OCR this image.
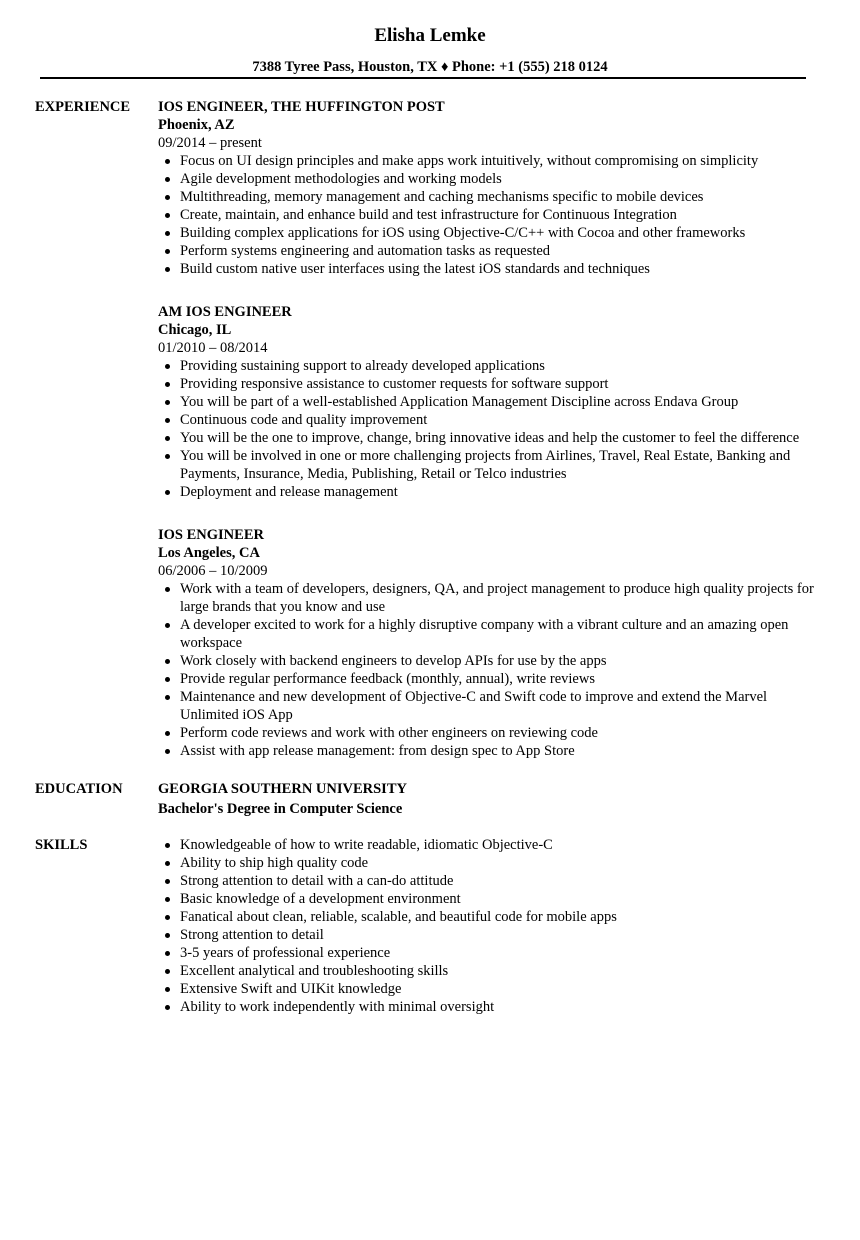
Elisha Lemke
7388 Tyree Pass, Houston, TX ♦ Phone: +1 (555) 218 0124
EXPERIENCE IOS ENGINEER, THE HUFFINGTON POST
Phoenix, AZ
09/2014 – present
Focus on UI design principles and make apps work intuitively, without compromising on simplicity
Agile development methodologies and working models
Multithreading, memory management and caching mechanisms specific to mobile devices
Create, maintain, and enhance build and test infrastructure for Continuous Integration
Building complex applications for iOS using Objective-C/C++ with Cocoa and other frameworks
Perform systems engineering and automation tasks as requested
Build custom native user interfaces using the latest iOS standards and techniques
AM IOS ENGINEER
Chicago, IL
01/2010 – 08/2014
Providing sustaining support to already developed applications
Providing responsive assistance to customer requests for software support
You will be part of a well-established Application Management Discipline across Endava Group
Continuous code and quality improvement
You will be the one to improve, change, bring innovative ideas and help the customer to feel the difference
You will be involved in one or more challenging projects from Airlines, Travel, Real Estate, Banking and Payments, Insurance, Media, Publishing, Retail or Telco industries
Deployment and release management
IOS ENGINEER
Los Angeles, CA
06/2006 – 10/2009
Work with a team of developers, designers, QA, and project management to produce high quality projects for large brands that you know and use
A developer excited to work for a highly disruptive company with a vibrant culture and an amazing open workspace
Work closely with backend engineers to develop APIs for use by the apps
Provide regular performance feedback (monthly, annual), write reviews
Maintenance and new development of Objective-C and Swift code to improve and extend the Marvel Unlimited iOS App
Perform code reviews and work with other engineers on reviewing code
Assist with app release management: from design spec to App Store
EDUCATION GEORGIA SOUTHERN UNIVERSITY
Bachelor's Degree in Computer Science
SKILLS	Knowledgeable of how to write readable, idiomatic Objective-C
Ability to ship high quality code
Strong attention to detail with a can-do attitude
Basic knowledge of a development environment
Fanatical about clean, reliable, scalable, and beautiful code for mobile apps
Strong attention to detail
3-5 years of professional experience
Excellent analytical and troubleshooting skills
Extensive Swift and UIKit knowledge
Ability to work independently with minimal oversight
